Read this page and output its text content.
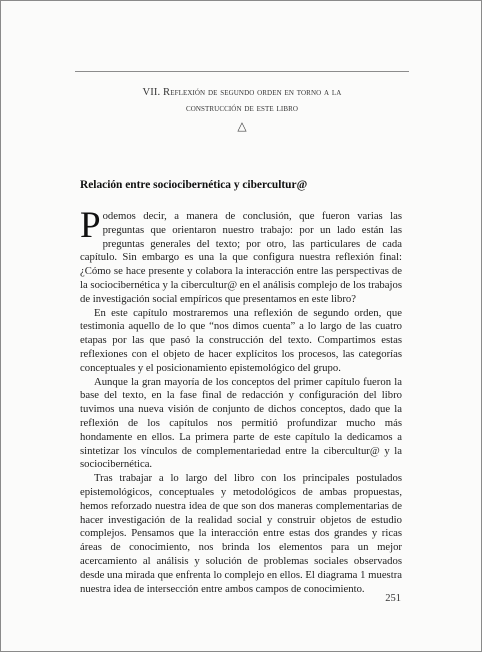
VII. Reflexión de segundo orden en torno a la
construcción de este libro
△
Relación entre sociocibernética y cibercultur@

Podemos decir, a manera de conclusión, que fueron varias las preguntas que orientaron nuestro trabajo: por un lado están las preguntas generales del texto; por otro, las particulares de cada capítulo. Sin embargo es una la que configura nuestra reflexión final: ¿Cómo se hace presente y colabora la interacción entre las perspectivas de la sociocibernética y la cibercultur@ en el análisis complejo de los trabajos de investigación social empíricos que presentamos en este libro?

En este capítulo mostraremos una reflexión de segundo orden, que testimonia aquello de lo que “nos dimos cuenta” a lo largo de las cuatro etapas por las que pasó la construcción del texto. Compartimos estas reflexiones con el objeto de hacer explícitos los procesos, las categorías conceptuales y el posicionamiento epistemológico del grupo.

Aunque la gran mayoría de los conceptos del primer capítulo fueron la base del texto, en la fase final de redacción y configuración del libro tuvimos una nueva visión de conjunto de dichos conceptos, dado que la reflexión de los capítulos nos permitió profundizar mucho más hondamente en ellos. La primera parte de este capítulo la dedicamos a sintetizar los vínculos de complementariedad entre la cibercultur@ y la sociocibernética.

Tras trabajar a lo largo del libro con los principales postulados epistemológicos, conceptuales y metodológicos de ambas propuestas, hemos reforzado nuestra idea de que son dos maneras complementarias de hacer investigación de la realidad social y construir objetos de estudio complejos. Pensamos que la interacción entre estas dos grandes y ricas áreas de conocimiento, nos brinda los elementos para un mejor acercamiento al análisis y solución de problemas sociales observados desde una mirada que enfrenta lo complejo en ellos. El diagrama 1 muestra nuestra idea de intersección entre ambos campos de conocimiento.

251
